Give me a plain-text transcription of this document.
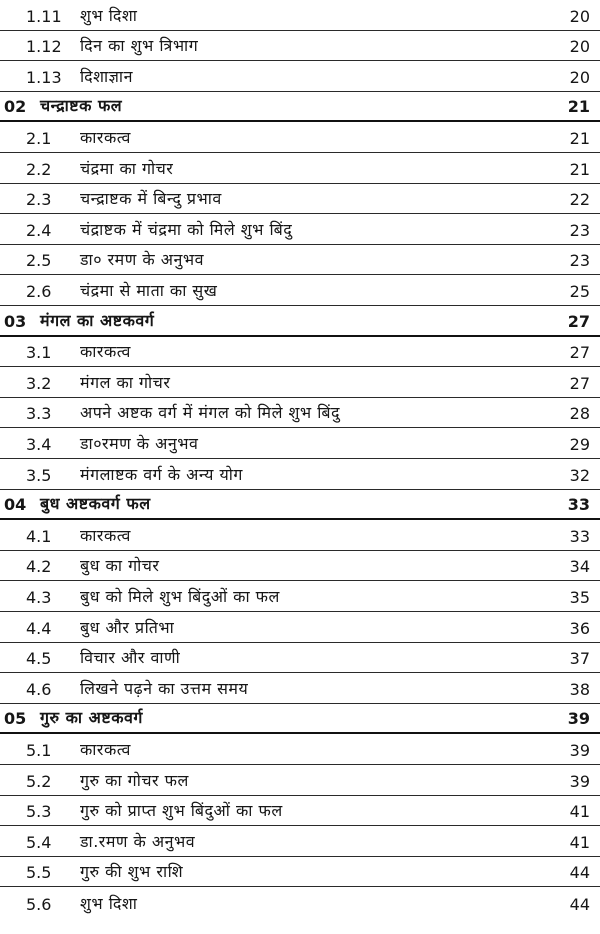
1.11 शुभ दिशा	20
1.12 दिन का शुभ त्रिभाग	20
1.13 दिशाज्ञान	20
02 चन्द्राष्टक फल	21
2.1 कारकत्व	21
2.2 चंद्रमा का गोचर	21
2.3 चन्द्राष्टक में बिन्दु प्रभाव	22
2.4 चंद्राष्टक में चंद्रमा को मिले शुभ बिंदु	23
2.5 डा० रमण के अनुभव	23
2.6 चंद्रमा से माता का सुख	25
03 मंगल का अष्टकवर्ग	27
3.1 कारकत्व	27
3.2 मंगल का गोचर	27
3.3 अपने अष्टक वर्ग में मंगल को मिले शुभ बिंदु	28
3.4 डा०रमण के अनुभव	29
3.5 मंगलाष्टक वर्ग के अन्य योग	32
04 बुध अष्टकवर्ग फल	33
4.1 कारकत्व	33
4.2 बुध का गोचर	34
4.3 बुध को मिले शुभ बिंदुओं का फल	35
4.4 बुध और प्रतिभा	36
4.5 विचार और वाणी	37
4.6 लिखने पढ़ने का उत्तम समय	38
05 गुरु का अष्टकवर्ग	39
5.1 कारकत्व	39
5.2 गुरु का गोचर फल	39
5.3 गुरु को प्राप्त शुभ बिंदुओं का फल	41
5.4 डा.रमण के अनुभव	41
5.5 गुरु की शुभ राशि	44
5.6 शुभ दिशा	44
